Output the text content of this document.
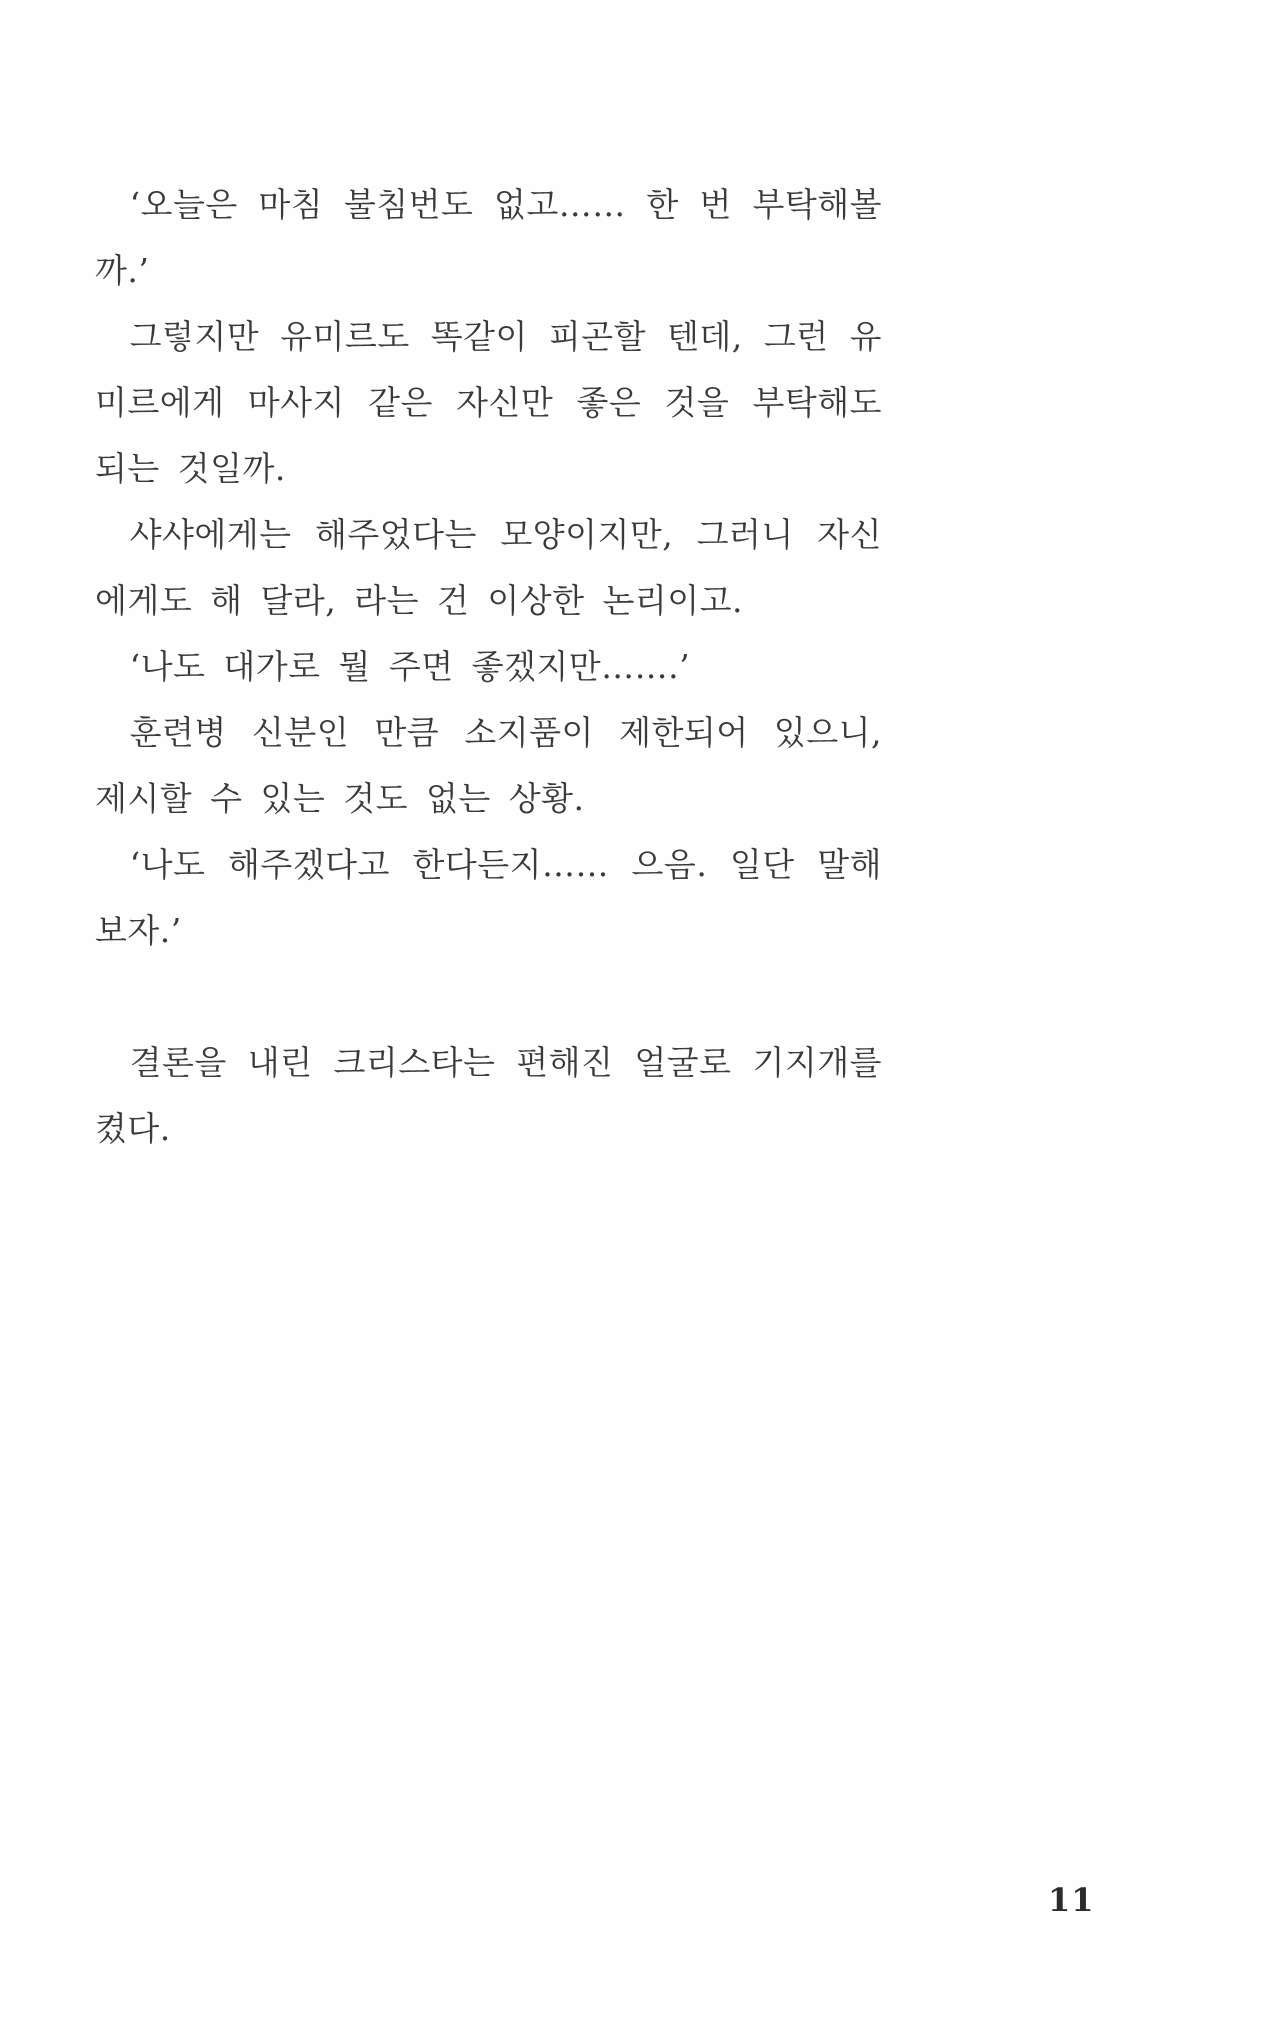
‘오늘은 마침 불침번도 없고…… 한 번 부탁해볼까.’

그렇지만 유미르도 똑같이 피곤할 텐데, 그런 유미르에게 마사지 같은 자신만 좋은 것을 부탁해도 되는 것일까.

샤샤에게는 해주었다는 모양이지만, 그러니 자신에게도 해 달라, 라는 건 이상한 논리이고.

‘나도 대가로 뭘 주면 좋겠지만…….’

훈련병 신분인 만큼 소지품이 제한되어 있으니, 제시할 수 있는 것도 없는 상황.

‘나도 해주겠다고 한다든지…… 으음. 일단 말해보자.’

결론을 내린 크리스타는 편해진 얼굴로 기지개를 켰다.

11
